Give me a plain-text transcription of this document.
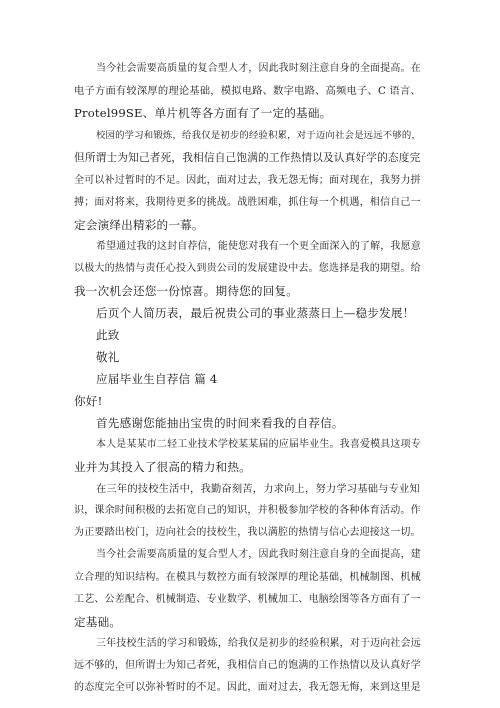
当今社会需要高质量的复合型人才，因此我时刻注意自身的全面提高。在

电子方面有较深厚的理论基础，模拟电路、数字电路、高频电子、C 语言、

Protel99SE、单片机等各方面有了一定的基础。

校园的学习和锻炼，给我仅是初步的经验积累，对于迈向社会是远远不够的，

但所谓士为知己者死，我相信自己饱满的工作热情以及认真好学的态度完

全可以补过暂时的不足。因此，面对过去，我无怨无悔；面对现在，我努力拼

搏；面对将来，我期待更多的挑战。战胜困难，抓住每一个机遇，相信自己一

定会演绎出精彩的一幕。

希望通过我的这封自荐信，能使您对我有一个更全面深入的了解，我愿意

以极大的热情与责任心投入到贵公司的发展建设中去。您选择是我的期望。给

我一次机会还您一份惊喜。期待您的回复。

后页个人简历表，最后祝贵公司的事业蒸蒸日上—稳步发展！

此致

敬礼

应届毕业生自荐信 篇 4

你好!

首先感谢您能抽出宝贵的时间来看我的自荐信。

本人是某某市二轻工业技术学校某某届的应届毕业生。我喜爱模具这项专

业并为其投入了很高的精力和热。

在三年的技校生活中，我勤奋刻苦，力求向上，努力学习基础与专业知

识，课余时间积极的去拓宽自己的知识，并积极参加学校的各种体育活动。作

为正要踏出校门，迈向社会的技校生，我以满腔的热情与信心去迎接这一切。

当今社会需要高质量的复合型人才，因此我时刻注意自身的全面提高，建

立合理的知识结构。在模具与数控方面有较深厚的理论基础，机械制图、机械

工艺、公差配合、机械制造、专业数学、机械加工、电脑绘图等各方面有了一

定基础。

三年技校生活的学习和锻炼，给我仅是初步的经验积累，对于迈向社会远

远不够的，但所谓士为知己者死，我相信自己的饱满的工作热情以及认真好学

的态度完全可以弥补暂时的不足。因此，面对过去，我无怨无悔，来到这里是
